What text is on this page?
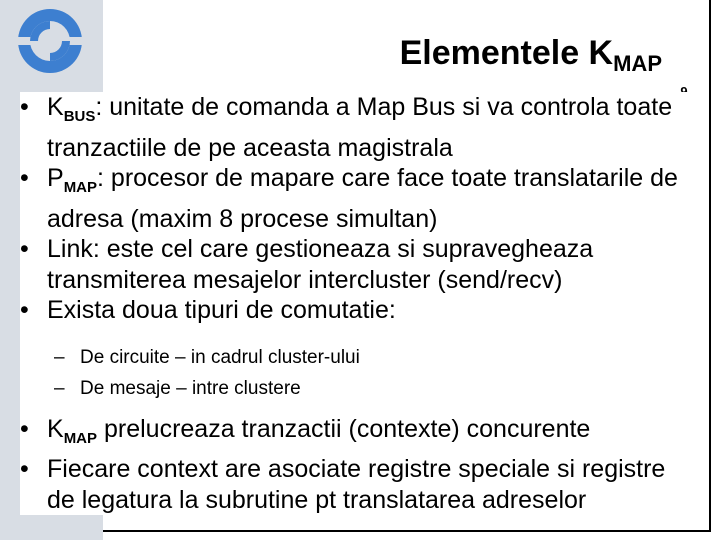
Elementele $K_{MAP}$
• $K_{BUS}$: unitate de comanda a Map Bus si va controla toate tranzactiile de pe aceasta magistrala
• $P_{MAP}$: procesor de mapare care face toate translatarile de adresa (maxim 8 procese simultan)
• Link: este cel care gestioneaza si supravegheaza transmiterea mesajelor intercluster (send/recv)
• Exista doua tipuri de comutatie:
– De circuite – in cadrul cluster-ului
– De mesaje – intre clustere
• $K_{MAP}$ prelucreaza tranzactii (contexte) concurente
• Fiecare context are asociate registre speciale si registre de legatura la subrutine pt translatarea adreselor
